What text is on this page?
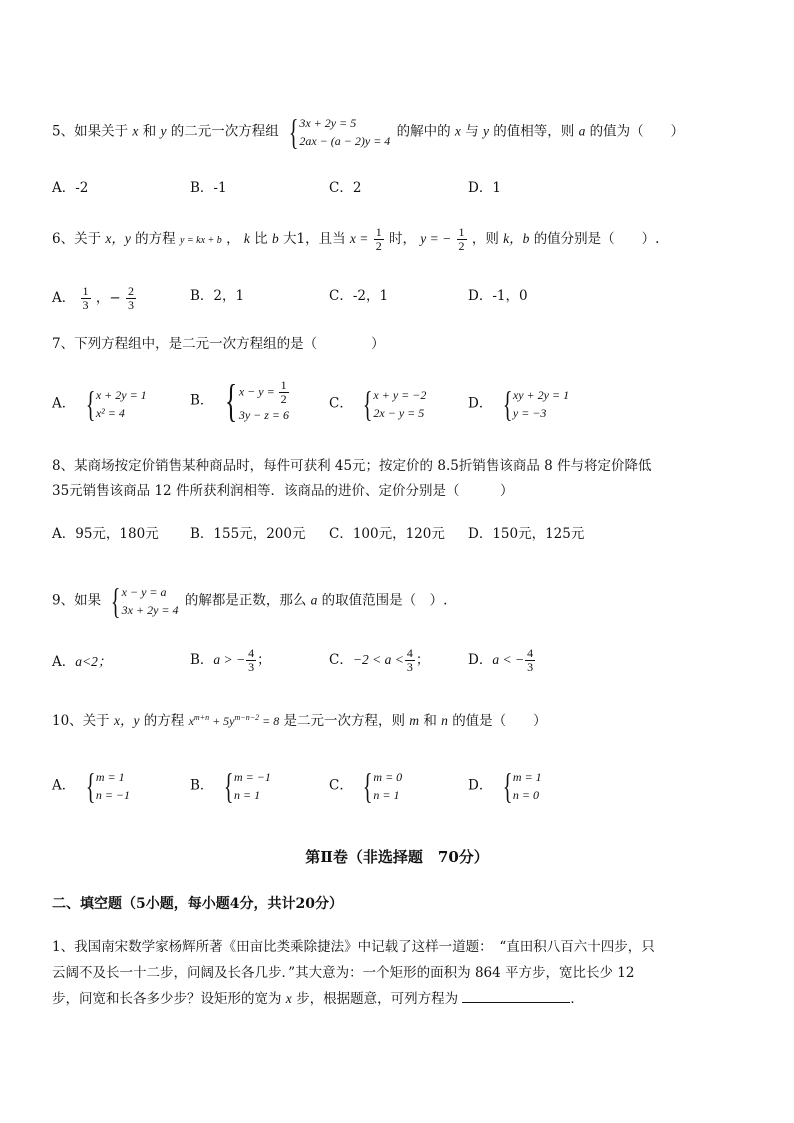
5、如果关于 x 和 y 的二元一次方程组 { 3x + 2y = 5
2ax − (a − 2)y = 4
的解中的 x 与 y 的值相等，则 a 的值为（　　）
A．-2	B．-1	C．2	D．1
6、关于 x，y 的方程 y = kx + b ， k 比 b 大1，且当 $x = \frac{1}{2}$ 时， y = − $\frac{1}{2}$ ，则 k，b 的值分别是（　　）.
A． $\frac{1}{3}$ ，− $\frac{2}{3}$	B．2，1	C．-2，1	D．-1，0
7、下列方程组中，是二元一次方程组的是（　　　　）
A． { x + 2y = 1
x² = 4
B． { $x - y = \frac{1}{2}$
3y − z = 6
C． { x + y = −2
2x − y = 5
D． { xy + 2y = 1
y = −3
8、某商场按定价销售某种商品时，每件可获利 45元；按定价的 8.5折销售该商品 8 件与将定价降低
35元销售该商品 12 件所获利润相等．该商品的进价、定价分别是（　　　）
A．95元，180元 B．155元，200元 C．100元，120元 D．150元，125元
9、如果 { x − y = a
3x + 2y = 4
的解都是正数，那么 a 的取值范围是（　）.
A．a<2；	B．a > − $\frac{4}{3}$ ；	C．$-2 < a < \frac{4}{3}$ ；	D．a < − $\frac{4}{3}$
10、关于 x，y 的方程 $x^{m+n} + 5y^{m-n-2} = 8$ 是二元一次方程，则 m 和 n 的值是（　　）
A． { m = 1
n = −1
B． { m = −1
n = 1
C． { m = 0
n = 1
D． { m = 1
n = 0
第Ⅱ卷（非选择题　70分）
二、填空题（5小题，每小题4分，共计20分）
1、我国南宋数学家杨辉所著《田亩比类乘除捷法》中记载了这样一道题：　“直田积八百六十四步，只
云阔不及长一十二步，问阔及长各几步．”其大意为：一个矩形的面积为 864 平方步，宽比长少 12
步，问宽和长各多少步？设矩形的宽为 x 步，根据题意，可列方程为	．
